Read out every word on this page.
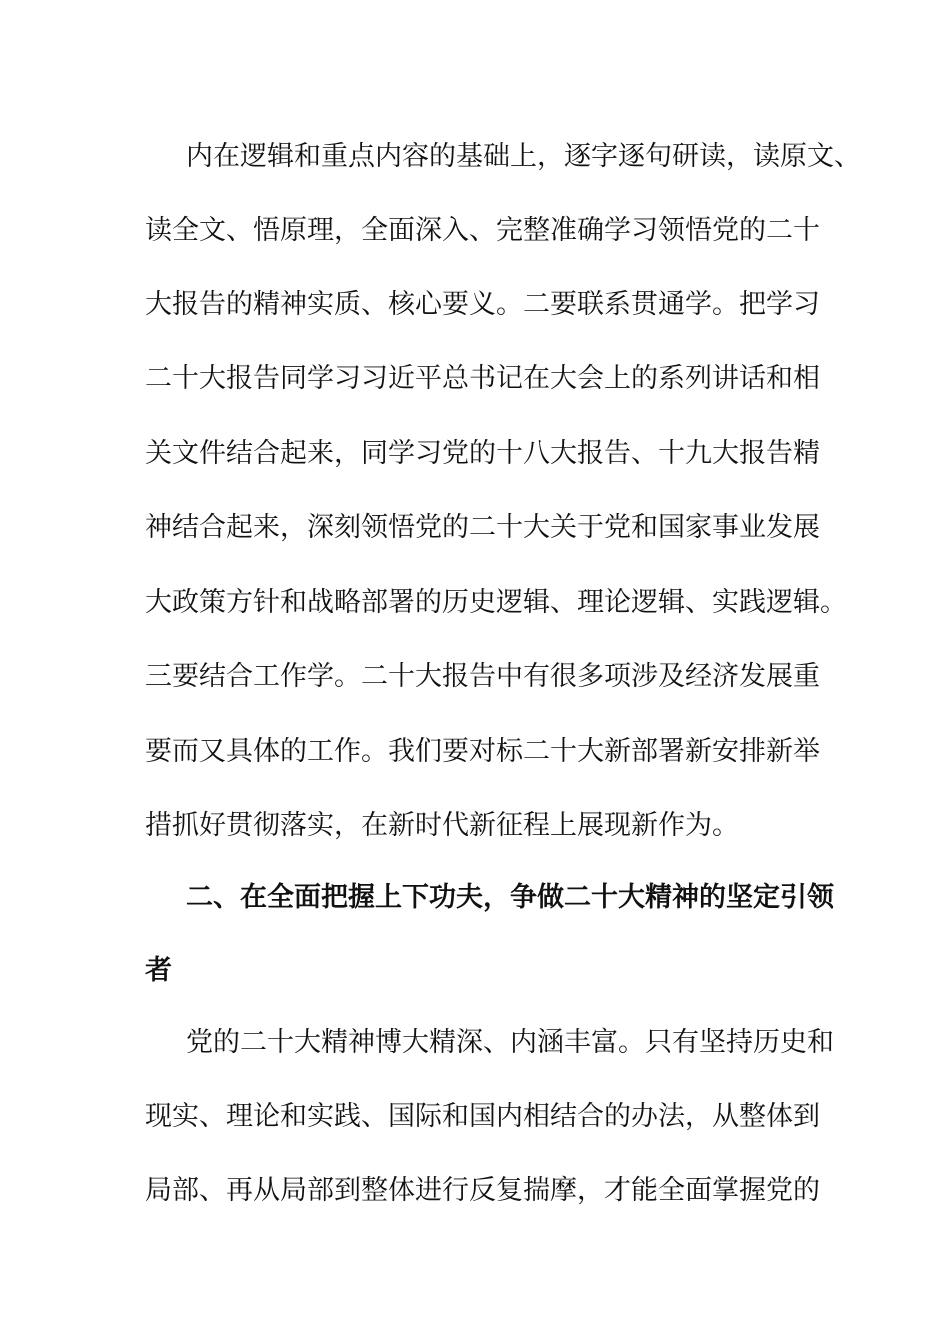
内在逻辑和重点内容的基础上，逐字逐句研读，读原文、
读全文、悟原理，全面深入、完整准确学习领悟党的二十
大报告的精神实质、核心要义。二要联系贯通学。把学习
二十大报告同学习习近平总书记在大会上的系列讲话和相
关文件结合起来，同学习党的十八大报告、十九大报告精
神结合起来，深刻领悟党的二十大关于党和国家事业发展
大政策方针和战略部署的历史逻辑、理论逻辑、实践逻辑。
三要结合工作学。二十大报告中有很多项涉及经济发展重
要而又具体的工作。我们要对标二十大新部署新安排新举
措抓好贯彻落实，在新时代新征程上展现新作为。
二、在全面把握上下功夫，争做二十大精神的坚定引领
者
党的二十大精神博大精深、内涵丰富。只有坚持历史和
现实、理论和实践、国际和国内相结合的办法，从整体到
局部、再从局部到整体进行反复揣摩，才能全面掌握党的
